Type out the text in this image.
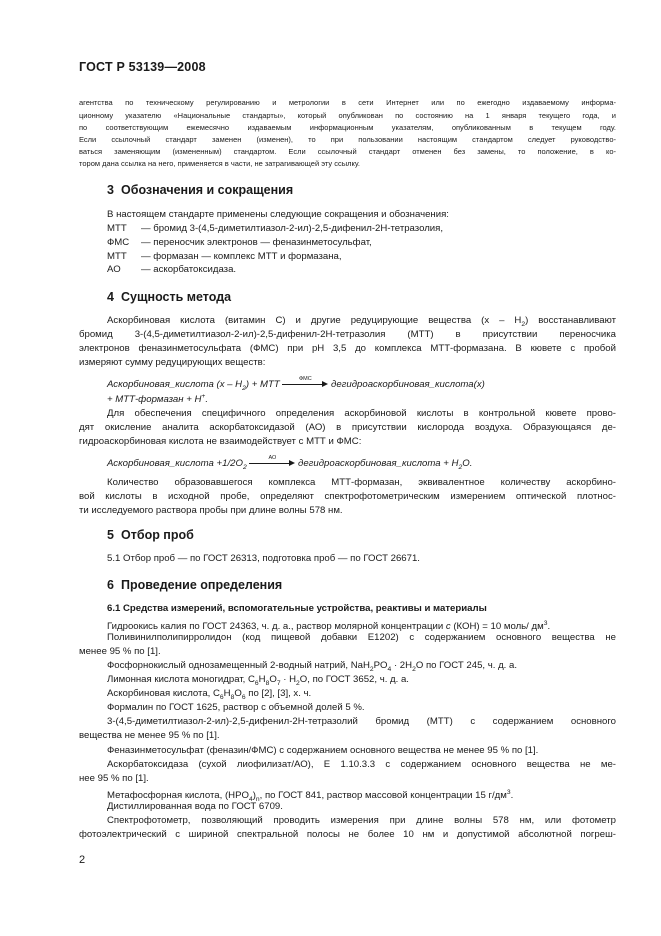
ГОСТ Р 53139—2008
агентства по техническому регулированию и метрологии в сети Интернет или по ежегодно издаваемому информа-
ционному указателю «Национальные стандарты», который опубликован по состоянию на 1 января текущего года, и
по соответствующим ежемесячно издаваемым информационным указателям, опубликованным в текущем году.
Если ссылочный стандарт заменен (изменен), то при пользовании настоящим стандартом следует руководство-
ваться заменяющим (измененным) стандартом. Если ссылочный стандарт отменен без замены, то положение, в ко-
тором дана ссылка на него, применяется в части, не затрагивающей эту ссылку.
3 Обозначения и сокращения
В настоящем стандарте применены следующие сокращения и обозначения:
МТТ — бромид 3-(4,5-диметилтиазол-2-ил)-2,5-дифенил-2Н-тетразолия,
ФМС — переносчик электронов — феназинметосульфат,
МТТ — формазан — комплекс МТТ и формазана,
АО — аскорбатоксидаза.
4 Сущность метода
Аскорбиновая кислота (витамин С) и другие редуцирующие вещества $(х - Н_2)$ восстанавливают
бромид 3-(4,5-диметилтиазол-2-ил)-2,5-дифенил-2Н-тетразолия (МТТ) в присутствии переносчика
электронов феназинметосульфата (ФМС) при рН 3,5 до комплекса МТТ-формазана. В кювете с пробой
измеряют сумму редуцирующих веществ:
Аскорбиновая_кислота $(х - Н_2)$ + МТТ	ФМС	дегидроаскорбиновая_кислота(х)
+ МТТ-формазан + Н+.
Для обеспечения специфичного определения аскорбиновой кислоты в контрольной кювете прово-
дят окисление аналита аскорбатоксидазой (АО) в присутствии кислорода воздуха. Образующаяся де-
гидроаскорбиновая кислота не взаимодействует с МТТ и ФМС:
Аскорбиновая_кислота $+1/2О_2$
АО	дегидроаскорбиновая_кислота + $Н_2О$.
Количество образовавшегося комплекса МТТ-формазан, эквивалентное количеству аскорбино-
вой кислоты в исходной пробе, определяют спектрофотометрическим измерением оптической плотнос-
ти исследуемого раствора пробы при длине волны 578 нм.
5 Отбор проб
5.1 Отбор проб — по ГОСТ 26313, подготовка проб — по ГОСТ 26671.
6 Проведение определения
6.1 Средства измерений, вспомогательные устройства, реактивы и материалы
Гидроокись калия по ГОСТ 24363, ч. д. а., раствор молярной концентрации с (КОН) = 10 моль/ $дм^3$.
Поливинилполипирролидон (код пищевой добавки Е1202) с содержанием основного вещества не
менее 95 % по [1].
Фосфорнокислый однозамещенный 2-водный натрий, $NaH_2PO_4 \cdot 2H_2O$ по ГОСТ 245, ч. д. а.
Лимонная кислота моногидрат, $C_6H_8O_7 \cdot H_2O$, по ГОСТ 3652, ч. д. а.
Аскорбиновая кислота, $C_6H_8O_6$ по [2], [3], х. ч.
Формалин по ГОСТ 1625, раствор с объемной долей 5 %.
3-(4,5-диметилтиазол-2-ил)-2,5-дифенил-2Н-тетразолий бромид (МТТ) с содержанием основного
вещества не менее 95 % по [1].
Феназинметосульфат (феназин/ФМС) с содержанием основного вещества не менее 95 % по [1].
Аскорбатоксидаза (сухой лиофилизат/АО), Е 1.10.3.3 с содержанием основного вещества не ме-
нее 95 % по [1].
Метафосфорная кислота, $(HPO_4)_n$, по ГОСТ 841, раствор массовой концентрации 15 $г/дм^3$.
Дистиллированная вода по ГОСТ 6709.
Спектрофотометр, позволяющий проводить измерения при длине волны 578 нм, или фотометр
фотоэлектрический с шириной спектральной полосы не более 10 нм и допустимой абсолютной погреш-
2
